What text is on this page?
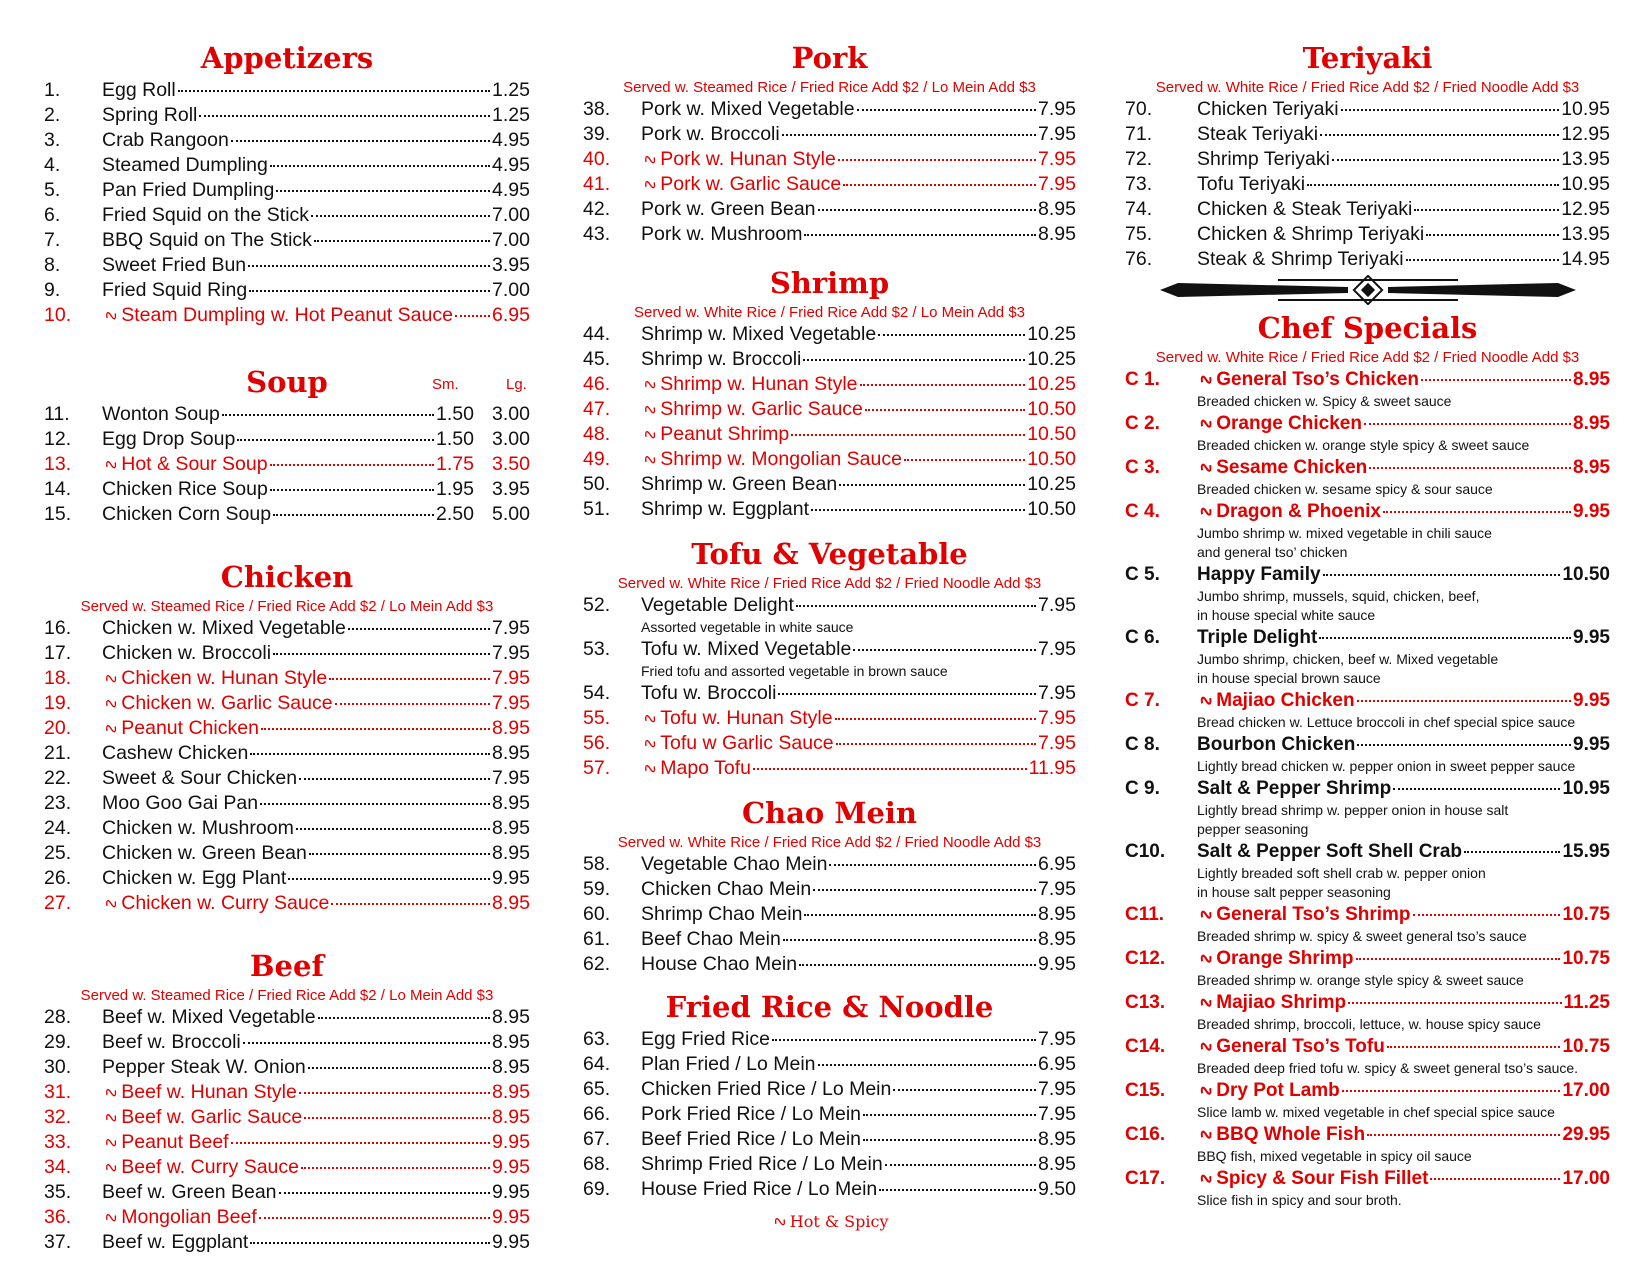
Appetizers
1.	Egg Roll	1.25
2.	Spring Roll	1.25
3.	Crab Rangoon	4.95
4.	Steamed Dumpling	4.95
5.	Pan Fried Dumpling	4.95
6.	Fried Squid on the Stick	7.00
7.	BBQ Squid on The Stick	7.00
8.	Sweet Fried Bun	3.95
9.	Fried Squid Ring	7.00
10.	∿ Steam Dumpling w. Hot Peanut Sauce 6.95
Soup	Sm.	Lg.
11.	Wonton Soup	1.50 3.00
12.	Egg Drop Soup	1.50 3.00
13.	∿ Hot & Sour Soup	1.75 3.50
14.	Chicken Rice Soup	1.95 3.95
15.	Chicken Corn Soup	2.50 5.00
Chicken
Served w. Steamed Rice / Fried Rice Add $2 / Lo Mein Add $3
16.	Chicken w. Mixed Vegetable	7.95
17.	Chicken w. Broccoli	7.95
18.	∿ Chicken w. Hunan Style	7.95
19.	∿ Chicken w. Garlic Sauce	7.95
20.	∿ Peanut Chicken	8.95
21.	Cashew Chicken	8.95
22.	Sweet & Sour Chicken	7.95
23.	Moo Goo Gai Pan	8.95
24.	Chicken w. Mushroom	8.95
25.	Chicken w. Green Bean	8.95
26.	Chicken w. Egg Plant	9.95
27.	∿ Chicken w. Curry Sauce	8.95
Beef
Served w. Steamed Rice / Fried Rice Add $2 / Lo Mein Add $3
28.	Beef w. Mixed Vegetable	8.95
29.	Beef w. Broccoli	8.95
30.	Pepper Steak W. Onion	8.95
31.	∿ Beef w. Hunan Style	8.95
32.	∿ Beef w. Garlic Sauce	8.95
33.	∿ Peanut Beef	9.95
34.	∿ Beef w. Curry Sauce	9.95
35.	Beef w. Green Bean	9.95
36.	∿ Mongolian Beef	9.95
37.	Beef w. Eggplant	9.95
Pork
Served w. Steamed Rice / Fried Rice Add $2 / Lo Mein Add $3
38.	Pork w. Mixed Vegetable	7.95
39.	Pork w. Broccoli	7.95
40.	∿ Pork w. Hunan Style	7.95
41.	∿ Pork w. Garlic Sauce	7.95
42.	Pork w. Green Bean	8.95
43.	Pork w. Mushroom	8.95
Shrimp
Served w. White Rice / Fried Rice Add $2 / Lo Mein Add $3
44.	Shrimp w. Mixed Vegetable	10.25
45.	Shrimp w. Broccoli	10.25
46.	∿ Shrimp w. Hunan Style	10.25
47.	∿ Shrimp w. Garlic Sauce	10.50
48.	∿ Peanut Shrimp	10.50
49.	∿ Shrimp w. Mongolian Sauce	10.50
50.	Shrimp w. Green Bean	10.25
51.	Shrimp w. Eggplant	10.50
Tofu & Vegetable
Served w. White Rice / Fried Rice Add $2 / Fried Noodle Add $3
52.	Vegetable Delight	7.95
Assorted vegetable in white sauce
53.	Tofu w. Mixed Vegetable	7.95
Fried tofu and assorted vegetable in brown sauce
54.	Tofu w. Broccoli	7.95
55.	∿ Tofu w. Hunan Style	7.95
56.	∿ Tofu w Garlic Sauce	7.95
57.	∿ Mapo Tofu	11.95
Chao Mein
Served w. White Rice / Fried Rice Add $2 / Fried Noodle Add $3
58.	Vegetable Chao Mein	6.95
59.	Chicken Chao Mein	7.95
60.	Shrimp Chao Mein	8.95
61.	Beef Chao Mein	8.95
62.	House Chao Mein	9.95
Fried Rice & Noodle
63.	Egg Fried Rice	7.95
64.	Plan Fried / Lo Mein	6.95
65.	Chicken Fried Rice / Lo Mein	7.95
66.	Pork Fried Rice / Lo Mein	7.95
67.	Beef Fried Rice / Lo Mein	8.95
68.	Shrimp Fried Rice / Lo Mein	8.95
69.	House Fried Rice / Lo Mein	9.50
∿Hot & Spicy
Teriyaki
Served w. White Rice / Fried Rice Add $2 / Fried Noodle Add $3
70.	Chicken Teriyaki	10.95
71.	Steak Teriyaki	12.95
72.	Shrimp Teriyaki	13.95
73.	Tofu Teriyaki	10.95
74.	Chicken & Steak Teriyaki	12.95
75.	Chicken & Shrimp Teriyaki	13.95
76.	Steak & Shrimp Teriyaki	14.95
Chef Specials
Served w. White Rice / Fried Rice Add $2 / Fried Noodle Add $3
C 1.	∿ General Tso’s Chicken	8.95
Breaded chicken w. Spicy & sweet sauce
C 2.	∿ Orange Chicken	8.95
Breaded chicken w. orange style spicy & sweet sauce
C 3.	∿ Sesame Chicken	8.95
Breaded chicken w. sesame spicy & sour sauce
C 4.	∿ Dragon & Phoenix	9.95
Jumbo shrimp w. mixed vegetable in chili sauce
and general tso’ chicken
C 5.	Happy Family	10.50
Jumbo shrimp, mussels, squid, chicken, beef,
in house special white sauce
C 6.	Triple Delight	9.95
Jumbo shrimp, chicken, beef w. Mixed vegetable
in house special brown sauce
C 7.	∿ Majiao Chicken	9.95
Bread chicken w. Lettuce broccoli in chef special spice sauce
C 8.	Bourbon Chicken	9.95
Lightly bread chicken w. pepper onion in sweet pepper sauce
C 9.	Salt & Pepper Shrimp	10.95
Lightly bread shrimp w. pepper onion in house salt
pepper seasoning
C10.	Salt & Pepper Soft Shell Crab	15.95
Lightly breaded soft shell crab w. pepper onion
in house salt pepper seasoning
C11.	∿ General Tso’s Shrimp	10.75
Breaded shrimp w. spicy & sweet general tso’s sauce
C12.	∿ Orange Shrimp	10.75
Breaded shrimp w. orange style spicy & sweet sauce
C13.	∿ Majiao Shrimp	11.25
Breaded shrimp, broccoli, lettuce, w. house spicy sauce
C14.	∿ General Tso’s Tofu	10.75
Breaded deep fried tofu w. spicy & sweet general tso’s sauce.
C15.	∿ Dry Pot Lamb	17.00
Slice lamb w. mixed vegetable in chef special spice sauce
C16.	∿ BBQ Whole Fish	29.95
BBQ fish, mixed vegetable in spicy oil sauce
C17.	∿ Spicy & Sour Fish Fillet	17.00
Slice fish in spicy and sour broth.
